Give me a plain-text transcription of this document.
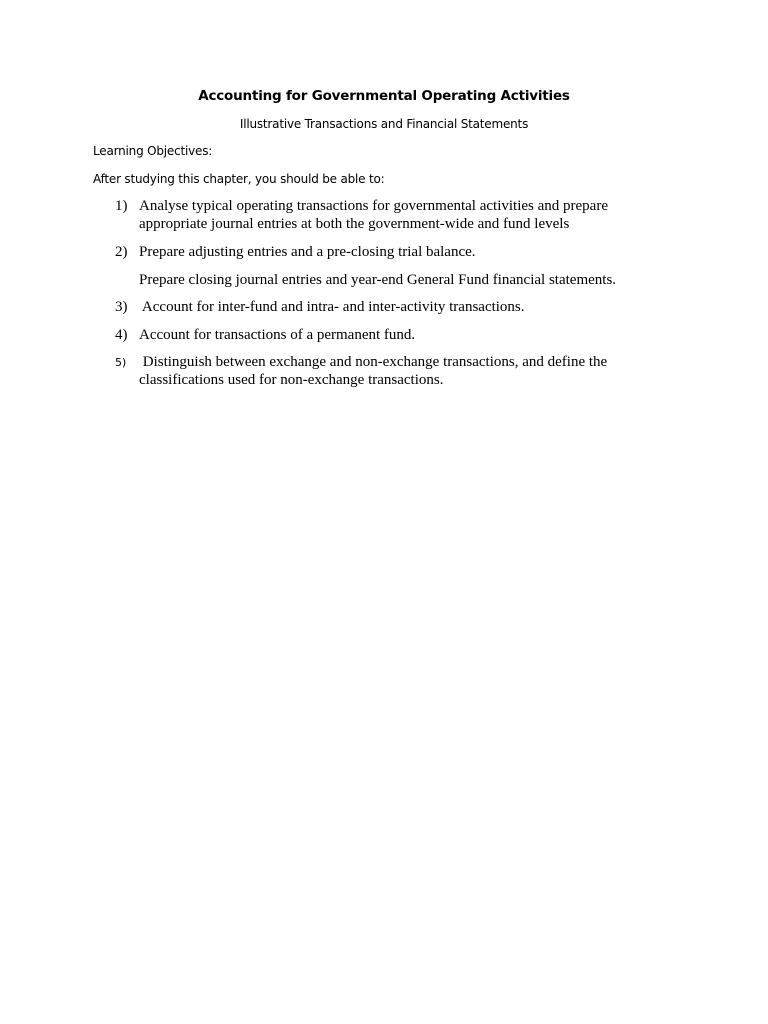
Accounting for Governmental Operating Activities
Illustrative Transactions and Financial Statements
Learning Objectives:
After studying this chapter, you should be able to:
1) Analyse typical operating transactions for governmental activities and prepare appropriate journal entries at both the government-wide and fund levels
2) Prepare adjusting entries and a pre-closing trial balance.
Prepare closing journal entries and year-end General Fund financial statements.
3) Account for inter-fund and intra- and inter-activity transactions.
4) Account for transactions of a permanent fund.
5) Distinguish between exchange and non-exchange transactions, and define the classifications used for non-exchange transactions.
